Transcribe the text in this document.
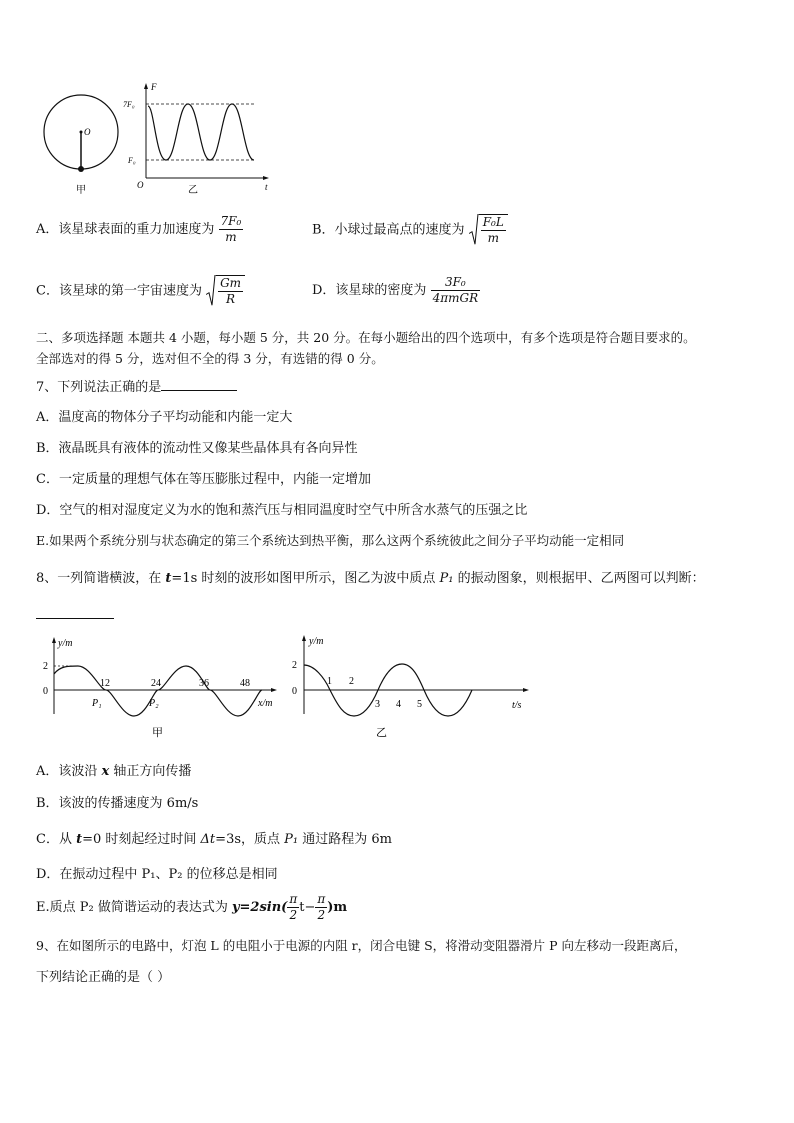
O
甲
F
t
O
7F₀
F₀
乙
A．该星球表面的重力加速度为 $\frac{\text{7F₀}}{m}$	B．小球过最高点的速度为 $\frac{\text{F₀L}}{m}$
C．该星球的第一宇宙速度为 $\frac{Gm}{R}$	D．该星球的密度为 $\frac{\text{3F₀}}{\text{4πmGR}}$
二、多项选择题 本题共 4 小题，每小题 5 分，共 20 分。在每小题给出的四个选项中，有多个选项是符合题目要求的。
全部选对的得 5 分，选对但不全的得 3 分，有选错的得 0 分。
7、下列说法正确的是
A．温度高的物体分子平均动能和内能一定大
B．液晶既具有液体的流动性又像某些晶体具有各向异性
C．一定质量的理想气体在等压膨胀过程中，内能一定增加
D．空气的相对湿度定义为水的饱和蒸汽压与相同温度时空气中所含水蒸气的压强之比
E.如果两个系统分别与状态确定的第三个系统达到热平衡，那么这两个系统彼此之间分子平均动能一定相同
8、一列简谐横波，在 t=1s 时刻的波形如图甲所示，图乙为波中质点 P₁ 的振动图象，则根据甲、乙两图可以判断：
y/m
2
0
12	24	36	48
x/m
P₁	P₂
甲
y/m
2
0
1 2
3 4 5	t/s
乙
A．该波沿 x 轴正方向传播
B．该波的传播速度为 6m/s
C．从 t=0 时刻起经过时间 Δt=3s，质点 P₁ 通过路程为 6m
D．在振动过程中 P₁、P₂ 的位移总是相同
E.质点 P₂ 做简谐运动的表达式为 $y=2\sin( \frac{\pi}{2} t- \frac{\pi}{2} )m$
9、在如图所示的电路中，灯泡 L 的电阻小于电源的内阻 r，闭合电键 S，将滑动变阻器滑片 P 向左移动一段距离后，
下列结论正确的是（ ）
